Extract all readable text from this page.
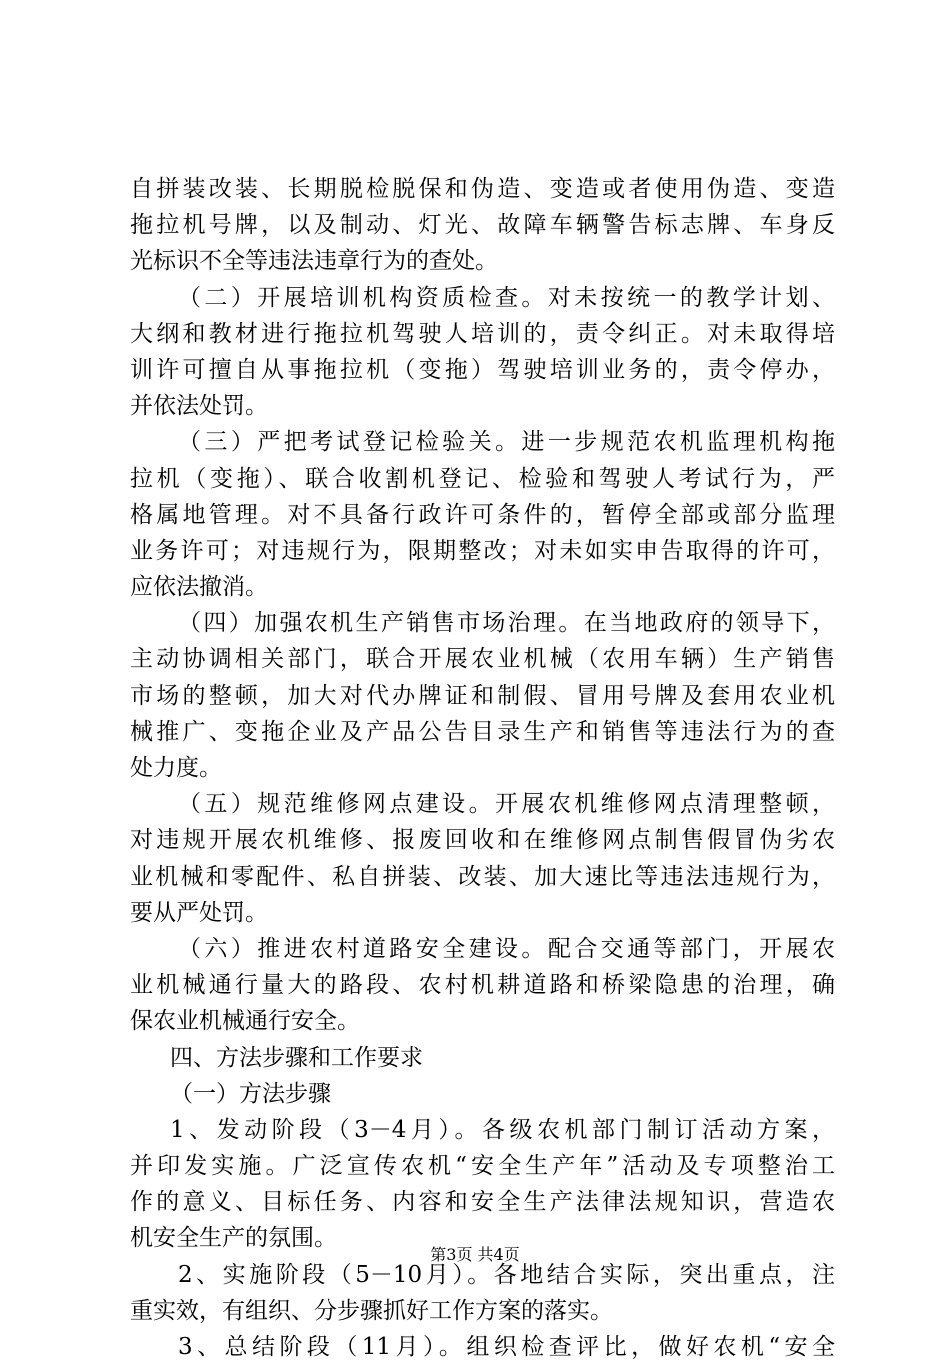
自拼装改装、长期脱检脱保和伪造、变造或者使用伪造、变造
拖拉机号牌，以及制动、灯光、故障车辆警告标志牌、车身反
光标识不全等违法违章行为的查处。
（二）开展培训机构资质检查。对未按统一的教学计划、
大纲和教材进行拖拉机驾驶人培训的，责令纠正。对未取得培
训许可擅自从事拖拉机（变拖）驾驶培训业务的，责令停办，
并依法处罚。
（三）严把考试登记检验关。进一步规范农机监理机构拖
拉机（变拖）、联合收割机登记、检验和驾驶人考试行为，严
格属地管理。对不具备行政许可条件的，暂停全部或部分监理
业务许可；对违规行为，限期整改；对未如实申告取得的许可，
应依法撤消。
（四）加强农机生产销售市场治理。在当地政府的领导下，
主动协调相关部门，联合开展农业机械（农用车辆）生产销售
市场的整顿，加大对代办牌证和制假、冒用号牌及套用农业机
械推广、变拖企业及产品公告目录生产和销售等违法行为的查
处力度。
（五）规范维修网点建设。开展农机维修网点清理整顿，
对违规开展农机维修、报废回收和在维修网点制售假冒伪劣农
业机械和零配件、私自拼装、改装、加大速比等违法违规行为，
要从严处罚。
（六）推进农村道路安全建设。配合交通等部门，开展农
业机械通行量大的路段、农村机耕道路和桥梁隐患的治理，确
保农业机械通行安全。
四、方法步骤和工作要求
（一）方法步骤
1、发动阶段（3－4月）。各级农机部门制订活动方案，
并印发实施。广泛宣传农机“安全生产年”活动及专项整治工
作的意义、目标任务、内容和安全生产法律法规知识，营造农
机安全生产的氛围。
2、实施阶段（5－10月）。各地结合实际，突出重点，注
重实效，有组织、分步骤抓好工作方案的落实。
3、总结阶段（11月）。组织检查评比，做好农机“安全
第3页 共4页
